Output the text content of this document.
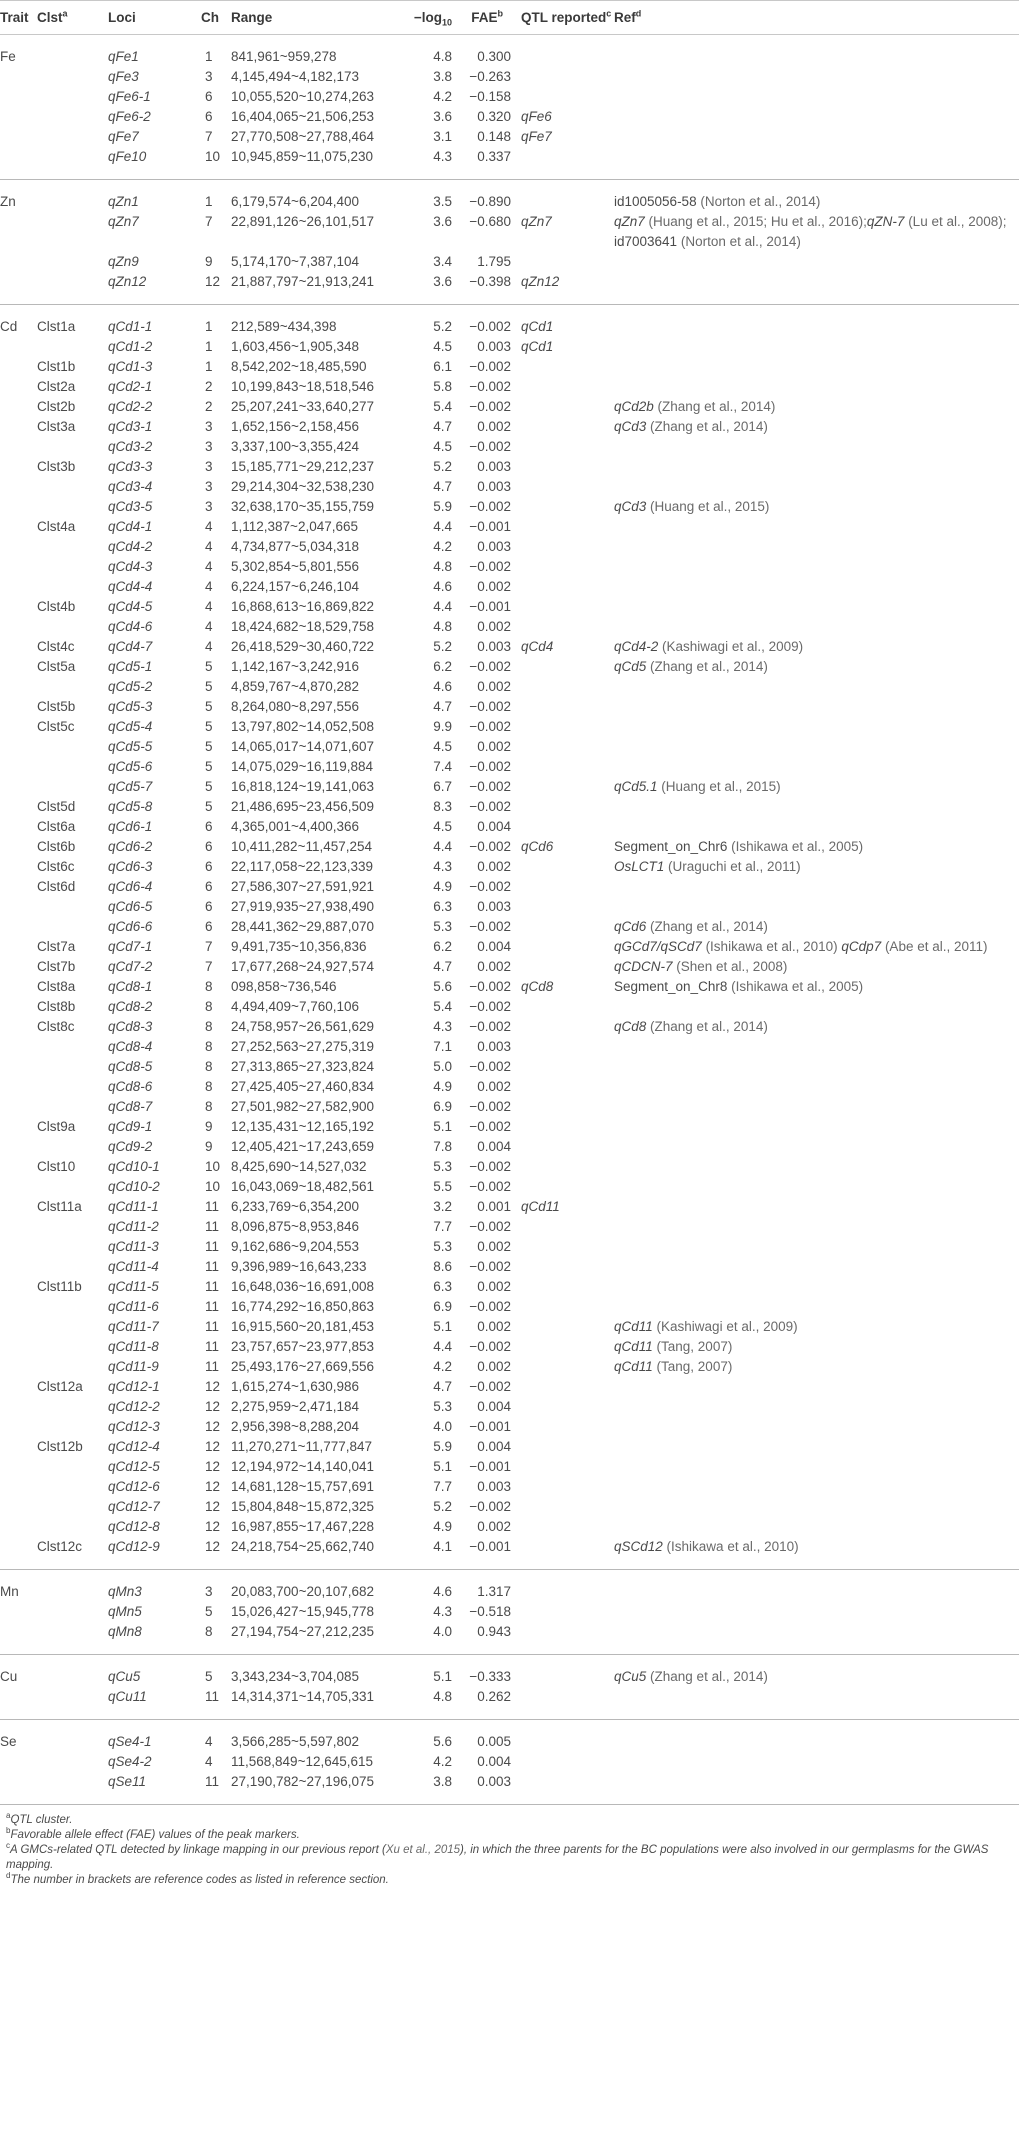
Trait	Clst$^a$	Loci	Ch	Range	$-\log_{10}$	FAE$^b$	QTL reported$^c$	Ref$^d$
Fe		qFe1	1	841,961~959,278	4.8	0.300		
		qFe3	3	4,145,494~4,182,173	3.8	−0.263		
		qFe6-1	6	10,055,520~10,274,263	4.2	−0.158		
		qFe6-2	6	16,404,065~21,506,253	3.6	0.320	qFe6	
		qFe7	7	27,770,508~27,788,464	3.1	0.148	qFe7	
		qFe10	10	10,945,859~11,075,230	4.3	0.337		
Zn		qZn1	1	6,179,574~6,204,400	3.5	−0.890		id1005056-58 (Norton et al., 2014)
		qZn7	7	22,891,126~26,101,517	3.6	−0.680	qZn7	qZn7 (Huang et al., 2015; Hu et al., 2016);qZN-7 (Lu et al., 2008); id7003641 (Norton et al., 2014)
		qZn9	9	5,174,170~7,387,104	3.4	1.795		
		qZn12	12	21,887,797~21,913,241	3.6	−0.398	qZn12	
Cd	Clst1a	qCd1-1	1	212,589~434,398	5.2	−0.002	qCd1	
		qCd1-2	1	1,603,456~1,905,348	4.5	0.003	qCd1	
	Clst1b	qCd1-3	1	8,542,202~18,485,590	6.1	−0.002		
	Clst2a	qCd2-1	2	10,199,843~18,518,546	5.8	−0.002		
	Clst2b	qCd2-2	2	25,207,241~33,640,277	5.4	−0.002		qCd2b (Zhang et al., 2014)
	Clst3a	qCd3-1	3	1,652,156~2,158,456	4.7	0.002		qCd3 (Zhang et al., 2014)
		qCd3-2	3	3,337,100~3,355,424	4.5	−0.002		
	Clst3b	qCd3-3	3	15,185,771~29,212,237	5.2	0.003		
		qCd3-4	3	29,214,304~32,538,230	4.7	0.003		
		qCd3-5	3	32,638,170~35,155,759	5.9	−0.002		qCd3 (Huang et al., 2015)
	Clst4a	qCd4-1	4	1,112,387~2,047,665	4.4	−0.001		
		qCd4-2	4	4,734,877~5,034,318	4.2	0.003		
		qCd4-3	4	5,302,854~5,801,556	4.8	−0.002		
		qCd4-4	4	6,224,157~6,246,104	4.6	0.002		
	Clst4b	qCd4-5	4	16,868,613~16,869,822	4.4	−0.001		
		qCd4-6	4	18,424,682~18,529,758	4.8	0.002		
	Clst4c	qCd4-7	4	26,418,529~30,460,722	5.2	0.003	qCd4	qCd4-2 (Kashiwagi et al., 2009)
	Clst5a	qCd5-1	5	1,142,167~3,242,916	6.2	−0.002		qCd5 (Zhang et al., 2014)
		qCd5-2	5	4,859,767~4,870,282	4.6	0.002		
	Clst5b	qCd5-3	5	8,264,080~8,297,556	4.7	−0.002		
	Clst5c	qCd5-4	5	13,797,802~14,052,508	9.9	−0.002		
		qCd5-5	5	14,065,017~14,071,607	4.5	0.002		
		qCd5-6	5	14,075,029~16,119,884	7.4	−0.002		
		qCd5-7	5	16,818,124~19,141,063	6.7	−0.002		qCd5.1 (Huang et al., 2015)
	Clst5d	qCd5-8	5	21,486,695~23,456,509	8.3	−0.002		
	Clst6a	qCd6-1	6	4,365,001~4,400,366	4.5	0.004		
	Clst6b	qCd6-2	6	10,411,282~11,457,254	4.4	−0.002	qCd6	Segment_on_Chr6 (Ishikawa et al., 2005)
	Clst6c	qCd6-3	6	22,117,058~22,123,339	4.3	0.002		OsLCT1 (Uraguchi et al., 2011)
	Clst6d	qCd6-4	6	27,586,307~27,591,921	4.9	−0.002		
		qCd6-5	6	27,919,935~27,938,490	6.3	0.003		
		qCd6-6	6	28,441,362~29,887,070	5.3	−0.002		qCd6 (Zhang et al., 2014)
	Clst7a	qCd7-1	7	9,491,735~10,356,836	6.2	0.004		qGCd7/qSCd7 (Ishikawa et al., 2010) qCdp7 (Abe et al., 2011)
	Clst7b	qCd7-2	7	17,677,268~24,927,574	4.7	0.002		qCDCN-7 (Shen et al., 2008)
	Clst8a	qCd8-1	8	098,858~736,546	5.6	−0.002	qCd8	Segment_on_Chr8 (Ishikawa et al., 2005)
	Clst8b	qCd8-2	8	4,494,409~7,760,106	5.4	−0.002		
	Clst8c	qCd8-3	8	24,758,957~26,561,629	4.3	−0.002		qCd8 (Zhang et al., 2014)
		qCd8-4	8	27,252,563~27,275,319	7.1	0.003		
		qCd8-5	8	27,313,865~27,323,824	5.0	−0.002		
		qCd8-6	8	27,425,405~27,460,834	4.9	0.002		
		qCd8-7	8	27,501,982~27,582,900	6.9	−0.002		
	Clst9a	qCd9-1	9	12,135,431~12,165,192	5.1	−0.002		
		qCd9-2	9	12,405,421~17,243,659	7.8	0.004		
	Clst10	qCd10-1	10	8,425,690~14,527,032	5.3	−0.002		
		qCd10-2	10	16,043,069~18,482,561	5.5	−0.002		
	Clst11a	qCd11-1	11	6,233,769~6,354,200	3.2	0.001	qCd11	
		qCd11-2	11	8,096,875~8,953,846	7.7	−0.002		
		qCd11-3	11	9,162,686~9,204,553	5.3	0.002		
		qCd11-4	11	9,396,989~16,643,233	8.6	−0.002		
	Clst11b	qCd11-5	11	16,648,036~16,691,008	6.3	0.002		
		qCd11-6	11	16,774,292~16,850,863	6.9	−0.002		
		qCd11-7	11	16,915,560~20,181,453	5.1	0.002		qCd11 (Kashiwagi et al., 2009)
		qCd11-8	11	23,757,657~23,977,853	4.4	−0.002		qCd11 (Tang, 2007)
		qCd11-9	11	25,493,176~27,669,556	4.2	0.002		qCd11 (Tang, 2007)
	Clst12a	qCd12-1	12	1,615,274~1,630,986	4.7	−0.002		
		qCd12-2	12	2,275,959~2,471,184	5.3	0.004		
		qCd12-3	12	2,956,398~8,288,204	4.0	−0.001		
	Clst12b	qCd12-4	12	11,270,271~11,777,847	5.9	0.004		
		qCd12-5	12	12,194,972~14,140,041	5.1	−0.001		
		qCd12-6	12	14,681,128~15,757,691	7.7	0.003		
		qCd12-7	12	15,804,848~15,872,325	5.2	−0.002		
		qCd12-8	12	16,987,855~17,467,228	4.9	0.002		
	Clst12c	qCd12-9	12	24,218,754~25,662,740	4.1	−0.001		qSCd12 (Ishikawa et al., 2010)
Mn		qMn3	3	20,083,700~20,107,682	4.6	1.317		
		qMn5	5	15,026,427~15,945,778	4.3	−0.518		
		qMn8	8	27,194,754~27,212,235	4.0	0.943		
Cu		qCu5	5	3,343,234~3,704,085	5.1	−0.333		qCu5 (Zhang et al., 2014)
		qCu11	11	14,314,371~14,705,331	4.8	0.262		
Se		qSe4-1	4	3,566,285~5,597,802	5.6	0.005		
		qSe4-2	4	11,568,849~12,645,615	4.2	0.004		
		qSe11	11	27,190,782~27,196,075	3.8	0.003		

$^a$QTL cluster.

$^b$Favorable allele effect (FAE) values of the peak markers.

$^c$A GMCs-related QTL detected by linkage mapping in our previous report (Xu et al., 2015), in which the three parents for the BC populations were also involved in our germplasms for the GWAS mapping.

$^d$The number in brackets are reference codes as listed in reference section.
